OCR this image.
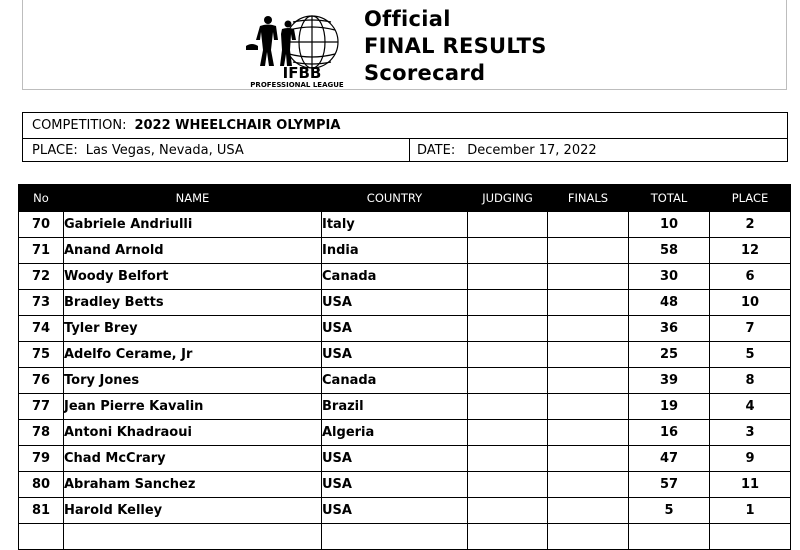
IFBB
PROFESSIONAL LEAGUE
Official
FINAL RESULTS
Scorecard
COMPETITION: 2022 WHEELCHAIR OLYMPIA
PLACE: Las Vegas, Nevada, USA	DATE: December 17, 2022
No	NAME	COUNTRY	JUDGING	FINALS	TOTAL	PLACE
70	Gabriele Andriulli	Italy			10	2
71	Anand Arnold	India			58	12
72	Woody Belfort	Canada			30	6
73	Bradley Betts	USA			48	10
74	Tyler Brey	USA			36	7
75	Adelfo Cerame, Jr	USA			25	5
76	Tory Jones	Canada			39	8
77	Jean Pierre Kavalin	Brazil			19	4
78	Antoni Khadraoui	Algeria			16	3
79	Chad McCrary	USA			47	9
80	Abraham Sanchez	USA			57	11
81	Harold Kelley	USA			5	1
